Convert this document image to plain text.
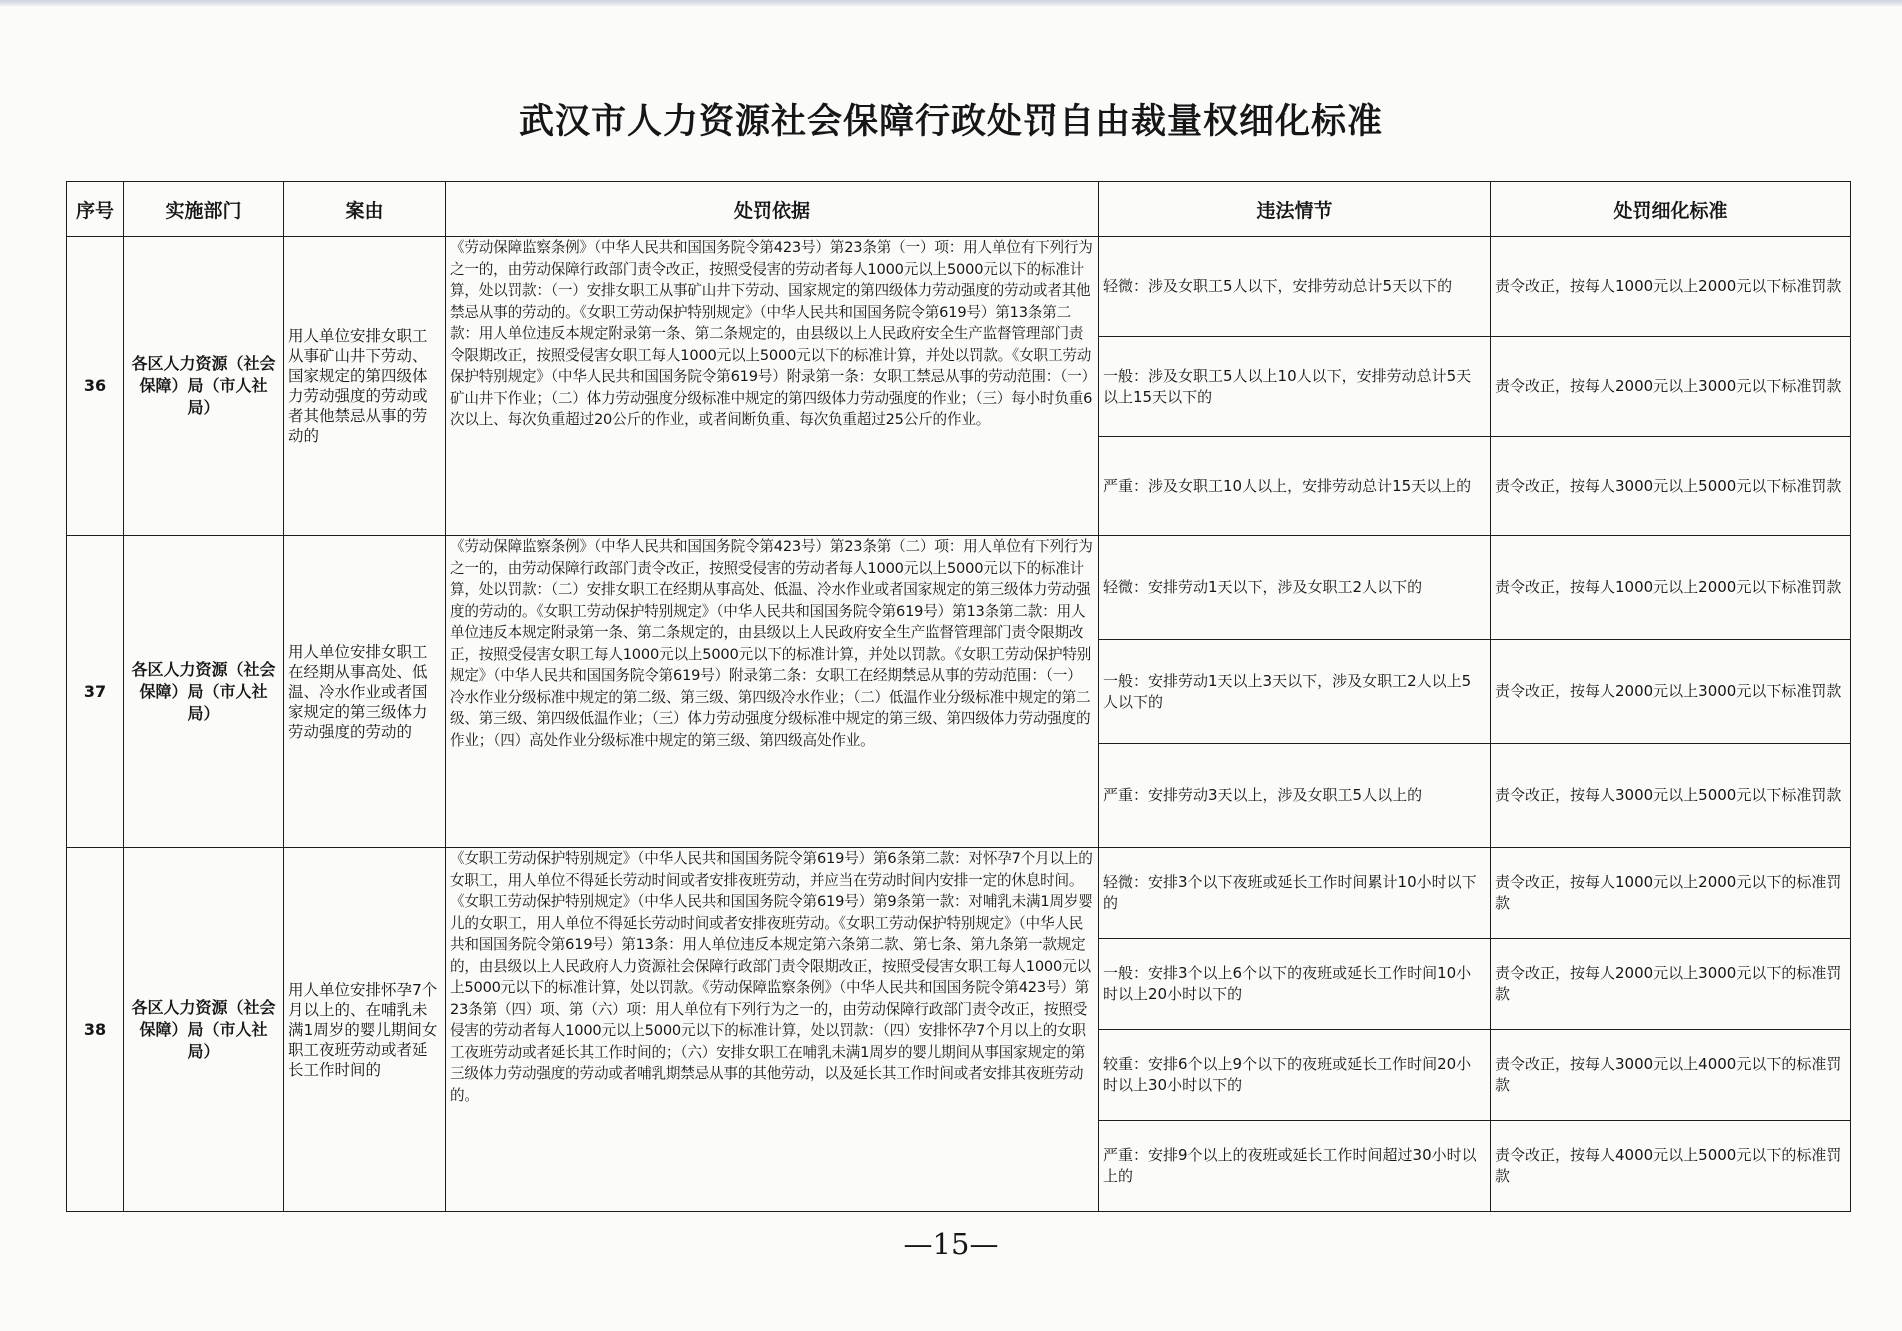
武汉市人力资源社会保障行政处罚自由裁量权细化标准
序号	实施部门	案由	处罚依据	违法情节	处罚细化标准
36	各区人力资源（社会保障）局（市人社局）	用人单位安排女职工从事矿山井下劳动、国家规定的第四级体力劳动强度的劳动或者其他禁忌从事的劳动的	《劳动保障监察条例》（中华人民共和国国务院令第423号）第23条第（一）项：用人单位有下列行为之一的，由劳动保障行政部门责令改正，按照受侵害的劳动者每人1000元以上5000元以下的标准计算，处以罚款：（一）安排女职工从事矿山井下劳动、国家规定的第四级体力劳动强度的劳动或者其他禁忌从事的劳动的。《女职工劳动保护特别规定》（中华人民共和国国务院令第619号）第13条第二款：用人单位违反本规定附录第一条、第二条规定的，由县级以上人民政府安全生产监督管理部门责令限期改正，按照受侵害女职工每人1000元以上5000元以下的标准计算，并处以罚款。《女职工劳动保护特别规定》（中华人民共和国国务院令第619号）附录第一条：女职工禁忌从事的劳动范围：（一）矿山井下作业；（二）体力劳动强度分级标准中规定的第四级体力劳动强度的作业；（三）每小时负重6次以上、每次负重超过20公斤的作业，或者间断负重、每次负重超过25公斤的作业。	轻微：涉及女职工5人以下，安排劳动总计5天以下的	责令改正，按每人1000元以上2000元以下标准罚款
				一般：涉及女职工5人以上10人以下，安排劳动总计5天以上15天以下的	责令改正，按每人2000元以上3000元以下标准罚款
				严重：涉及女职工10人以上，安排劳动总计15天以上的	责令改正，按每人3000元以上5000元以下标准罚款
37	各区人力资源（社会保障）局（市人社局）	用人单位安排女职工在经期从事高处、低温、冷水作业或者国家规定的第三级体力劳动强度的劳动的	《劳动保障监察条例》（中华人民共和国国务院令第423号）第23条第（二）项：用人单位有下列行为之一的，由劳动保障行政部门责令改正，按照受侵害的劳动者每人1000元以上5000元以下的标准计算，处以罚款：（二）安排女职工在经期从事高处、低温、冷水作业或者国家规定的第三级体力劳动强度的劳动的。《女职工劳动保护特别规定》（中华人民共和国国务院令第619号）第13条第二款：用人单位违反本规定附录第一条、第二条规定的，由县级以上人民政府安全生产监督管理部门责令限期改正，按照受侵害女职工每人1000元以上5000元以下的标准计算，并处以罚款。《女职工劳动保护特别规定》（中华人民共和国国务院令第619号）附录第二条：女职工在经期禁忌从事的劳动范围：（一）冷水作业分级标准中规定的第二级、第三级、第四级冷水作业；（二）低温作业分级标准中规定的第二级、第三级、第四级低温作业；（三）体力劳动强度分级标准中规定的第三级、第四级体力劳动强度的作业；（四）高处作业分级标准中规定的第三级、第四级高处作业。	轻微：安排劳动1天以下，涉及女职工2人以下的	责令改正，按每人1000元以上2000元以下标准罚款
				一般：安排劳动1天以上3天以下，涉及女职工2人以上5人以下的	责令改正，按每人2000元以上3000元以下标准罚款
				严重：安排劳动3天以上，涉及女职工5人以上的	责令改正，按每人3000元以上5000元以下标准罚款
38	各区人力资源（社会保障）局（市人社局）	用人单位安排怀孕7个月以上的、在哺乳未满1周岁的婴儿期间女职工夜班劳动或者延长工作时间的	《女职工劳动保护特别规定》（中华人民共和国国务院令第619号）第6条第二款：对怀孕7个月以上的女职工，用人单位不得延长劳动时间或者安排夜班劳动，并应当在劳动时间内安排一定的休息时间。《女职工劳动保护特别规定》（中华人民共和国国务院令第619号）第9条第一款：对哺乳未满1周岁婴儿的女职工，用人单位不得延长劳动时间或者安排夜班劳动。《女职工劳动保护特别规定》（中华人民共和国国务院令第619号）第13条：用人单位违反本规定第六条第二款、第七条、第九条第一款规定的，由县级以上人民政府人力资源社会保障行政部门责令限期改正，按照受侵害女职工每人1000元以上5000元以下的标准计算，处以罚款。《劳动保障监察条例》（中华人民共和国国务院令第423号）第23条第（四）项、第（六）项：用人单位有下列行为之一的，由劳动保障行政部门责令改正，按照受侵害的劳动者每人1000元以上5000元以下的标准计算，处以罚款：（四）安排怀孕7个月以上的女职工夜班劳动或者延长其工作时间的；（六）安排女职工在哺乳未满1周岁的婴儿期间从事国家规定的第三级体力劳动强度的劳动或者哺乳期禁忌从事的其他劳动，以及延长其工作时间或者安排其夜班劳动的。	轻微：安排3个以下夜班或延长工作时间累计10小时以下的	责令改正，按每人1000元以上2000元以下的标准罚款
				一般：安排3个以上6个以下的夜班或延长工作时间10小时以上20小时以下的	责令改正，按每人2000元以上3000元以下的标准罚款
				较重：安排6个以上9个以下的夜班或延长工作时间20小时以上30小时以下的	责令改正，按每人3000元以上4000元以下的标准罚款
				严重：安排9个以上的夜班或延长工作时间超过30小时以上的	责令改正，按每人4000元以上5000元以下的标准罚款
—15—
